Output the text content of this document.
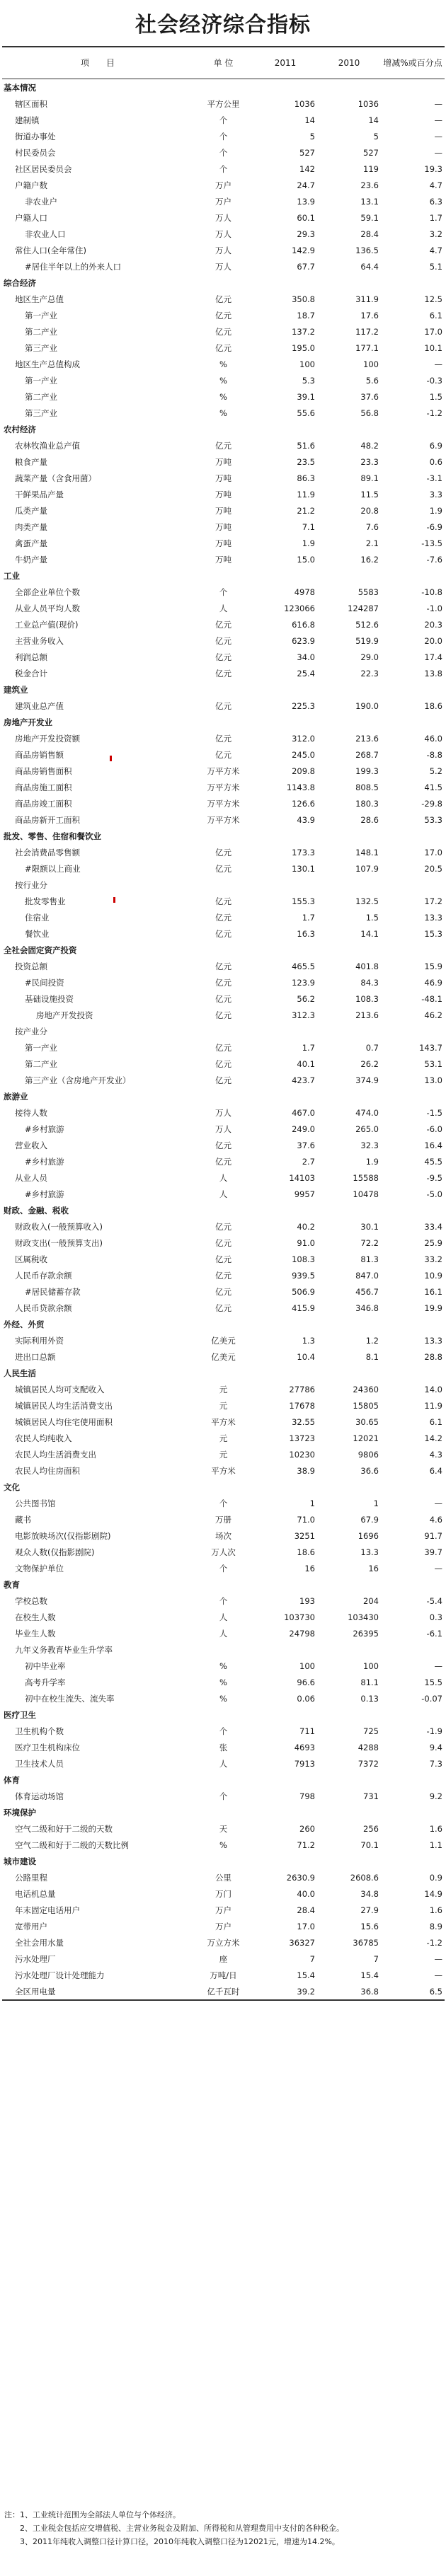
社会经济综合指标
项　　目	单 位	2011	2010	增减%或百分点
基本情况				
辖区面积	平方公里	1036	1036	—
建制镇	个	14	14	—
街道办事处	个	5	5	—
村民委员会	个	527	527	—
社区居民委员会	个	142	119	19.3
户籍户数	万户	24.7	23.6	4.7
非农业户	万户	13.9	13.1	6.3
户籍人口	万人	60.1	59.1	1.7
非农业人口	万人	29.3	28.4	3.2
常住人口(全年常住)	万人	142.9	136.5	4.7
#居住半年以上的外来人口	万人	67.7	64.4	5.1
综合经济				
地区生产总值	亿元	350.8	311.9	12.5
第一产业	亿元	18.7	17.6	6.1
第二产业	亿元	137.2	117.2	17.0
第三产业	亿元	195.0	177.1	10.1
地区生产总值构成	%	100	100	—
第一产业	%	5.3	5.6	-0.3
第二产业	%	39.1	37.6	1.5
第三产业	%	55.6	56.8	-1.2
农村经济				
农林牧渔业总产值	亿元	51.6	48.2	6.9
粮食产量	万吨	23.5	23.3	0.6
蔬菜产量（含食用菌）	万吨	86.3	89.1	-3.1
干鲜果品产量	万吨	11.9	11.5	3.3
瓜类产量	万吨	21.2	20.8	1.9
肉类产量	万吨	7.1	7.6	-6.9
禽蛋产量	万吨	1.9	2.1	-13.5
牛奶产量	万吨	15.0	16.2	-7.6
工业				
全部企业单位个数	个	4978	5583	-10.8
从业人员平均人数	人	123066	124287	-1.0
工业总产值(现价)	亿元	616.8	512.6	20.3
主营业务收入	亿元	623.9	519.9	20.0
利润总额	亿元	34.0	29.0	17.4
税金合计	亿元	25.4	22.3	13.8
建筑业				
建筑业总产值	亿元	225.3	190.0	18.6
房地产开发业				
房地产开发投资额	亿元	312.0	213.6	46.0
商品房销售额	亿元	245.0	268.7	-8.8
商品房销售面积	万平方米	209.8	199.3	5.2
商品房施工面积	万平方米	1143.8	808.5	41.5
商品房竣工面积	万平方米	126.6	180.3	-29.8
商品房新开工面积	万平方米	43.9	28.6	53.3
批发、零售、住宿和餐饮业				
社会消费品零售额	亿元	173.3	148.1	17.0
#限额以上商业	亿元	130.1	107.9	20.5
按行业分				
批发零售业	亿元	155.3	132.5	17.2
住宿业	亿元	1.7	1.5	13.3
餐饮业	亿元	16.3	14.1	15.3
全社会固定资产投资				
投资总额	亿元	465.5	401.8	15.9
#民间投资	亿元	123.9	84.3	46.9
基础设施投资	亿元	56.2	108.3	-48.1
房地产开发投资	亿元	312.3	213.6	46.2
按产业分				
第一产业	亿元	1.7	0.7	143.7
第二产业	亿元	40.1	26.2	53.1
第三产业（含房地产开发业）	亿元	423.7	374.9	13.0
旅游业				
接待人数	万人	467.0	474.0	-1.5
#乡村旅游	万人	249.0	265.0	-6.0
营业收入	亿元	37.6	32.3	16.4
#乡村旅游	亿元	2.7	1.9	45.5
从业人员	人	14103	15588	-9.5
#乡村旅游	人	9957	10478	-5.0
财政、金融、税收				
财政收入(一般预算收入)	亿元	40.2	30.1	33.4
财政支出(一般预算支出)	亿元	91.0	72.2	25.9
区属税收	亿元	108.3	81.3	33.2
人民币存款余额	亿元	939.5	847.0	10.9
#居民储蓄存款	亿元	506.9	456.7	16.1
人民币贷款余额	亿元	415.9	346.8	19.9
外经、外贸				
实际利用外资	亿美元	1.3	1.2	13.3
进出口总额	亿美元	10.4	8.1	28.8
人民生活				
城镇居民人均可支配收入	元	27786	24360	14.0
城镇居民人均生活消费支出	元	17678	15805	11.9
城镇居民人均住宅使用面积	平方米	32.55	30.65	6.1
农民人均纯收入	元	13723	12021	14.2
农民人均生活消费支出	元	10230	9806	4.3
农民人均住房面积	平方米	38.9	36.6	6.4
文化				
公共图书馆	个	1	1	—
藏书	万册	71.0	67.9	4.6
电影放映场次(仅指影剧院)	场次	3251	1696	91.7
观众人数(仅指影剧院)	万人次	18.6	13.3	39.7
文物保护单位	个	16	16	—
教育				
学校总数	个	193	204	-5.4
在校生人数	人	103730	103430	0.3
毕业生人数	人	24798	26395	-6.1
九年义务教育毕业生升学率				
初中毕业率	%	100	100	—
高考升学率	%	96.6	81.1	15.5
初中在校生流失、流失率	%	0.06	0.13	-0.07
医疗卫生				
卫生机构个数	个	711	725	-1.9
医疗卫生机构床位	张	4693	4288	9.4
卫生技术人员	人	7913	7372	7.3
体育				
体育运动场馆	个	798	731	9.2
环境保护				
空气二级和好于二级的天数	天	260	256	1.6
空气二级和好于二级的天数比例	%	71.2	70.1	1.1
城市建设				
公路里程	公里	2630.9	2608.6	0.9
电话机总量	万门	40.0	34.8	14.9
年末固定电话用户	万户	28.4	27.9	1.6
宽带用户	万户	17.0	15.6	8.9
全社会用水量	万立方米	36327	36785	-1.2
污水处理厂	座	7	7	—
污水处理厂设计处理能力	万吨/日	15.4	15.4	—
全区用电量	亿千瓦时	39.2	36.8	6.5
注：1、工业统计范围为全部法人单位与个体经济。
　　2、工业税金包括应交增值税、主营业务税金及附加、所得税和从管理费用中支付的各种税金。
　　3、2011年纯收入调整口径计算口径，2010年纯收入调整口径为12021元，增速为14.2%。
